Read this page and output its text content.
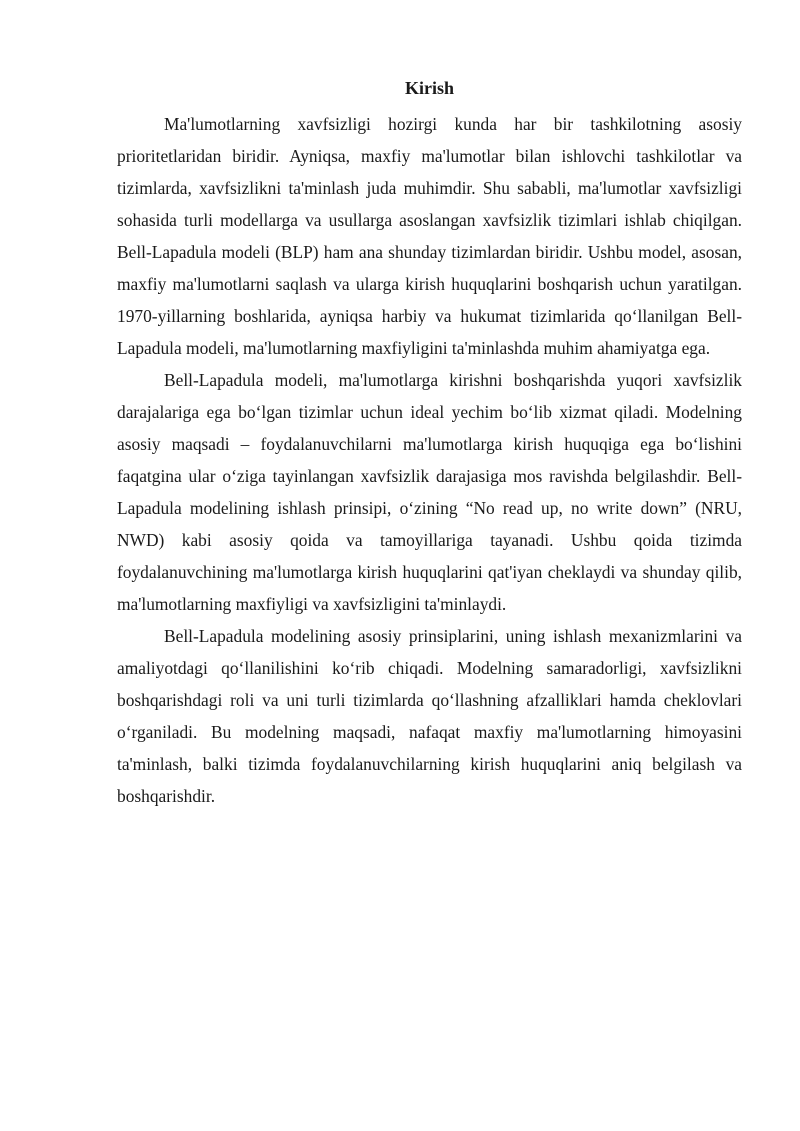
Kirish

Ma'lumotlarning xavfsizligi hozirgi kunda har bir tashkilotning asosiy prioritetlaridan biridir. Ayniqsa, maxfiy ma'lumotlar bilan ishlovchi tashkilotlar va tizimlarda, xavfsizlikni ta'minlash juda muhimdir. Shu sababli, ma'lumotlar xavfsizligi sohasida turli modellarga va usullarga asoslangan xavfsizlik tizimlari ishlab chiqilgan. Bell-Lapadula modeli (BLP) ham ana shunday tizimlardan biridir. Ushbu model, asosan, maxfiy ma'lumotlarni saqlash va ularga kirish huquqlarini boshqarish uchun yaratilgan. 1970-yillarning boshlarida, ayniqsa harbiy va hukumat tizimlarida qo‘llanilgan Bell-Lapadula modeli, ma'lumotlarning maxfiyligini ta'minlashda muhim ahamiyatga ega.

Bell-Lapadula modeli, ma'lumotlarga kirishni boshqarishda yuqori xavfsizlik darajalariga ega bo‘lgan tizimlar uchun ideal yechim bo‘lib xizmat qiladi. Modelning asosiy maqsadi – foydalanuvchilarni ma'lumotlarga kirish huquqiga ega bo‘lishini faqatgina ular o‘ziga tayinlangan xavfsizlik darajasiga mos ravishda belgilashdir. Bell-Lapadula modelining ishlash prinsipi, o‘zining “No read up, no write down” (NRU, NWD) kabi asosiy qoida va tamoyillariga tayanadi. Ushbu qoida tizimda foydalanuvchining ma'lumotlarga kirish huquqlarini qat'iyan cheklaydi va shunday qilib, ma'lumotlarning maxfiyligi va xavfsizligini ta'minlaydi.

Bell-Lapadula modelining asosiy prinsiplarini, uning ishlash mexanizmlarini va amaliyotdagi qo‘llanilishini ko‘rib chiqadi. Modelning samaradorligi, xavfsizlikni boshqarishdagi roli va uni turli tizimlarda qo‘llashning afzalliklari hamda cheklovlari o‘rganiladi. Bu modelning maqsadi, nafaqat maxfiy ma'lumotlarning himoyasini ta'minlash, balki tizimda foydalanuvchilarning kirish huquqlarini aniq belgilash va boshqarishdir.
